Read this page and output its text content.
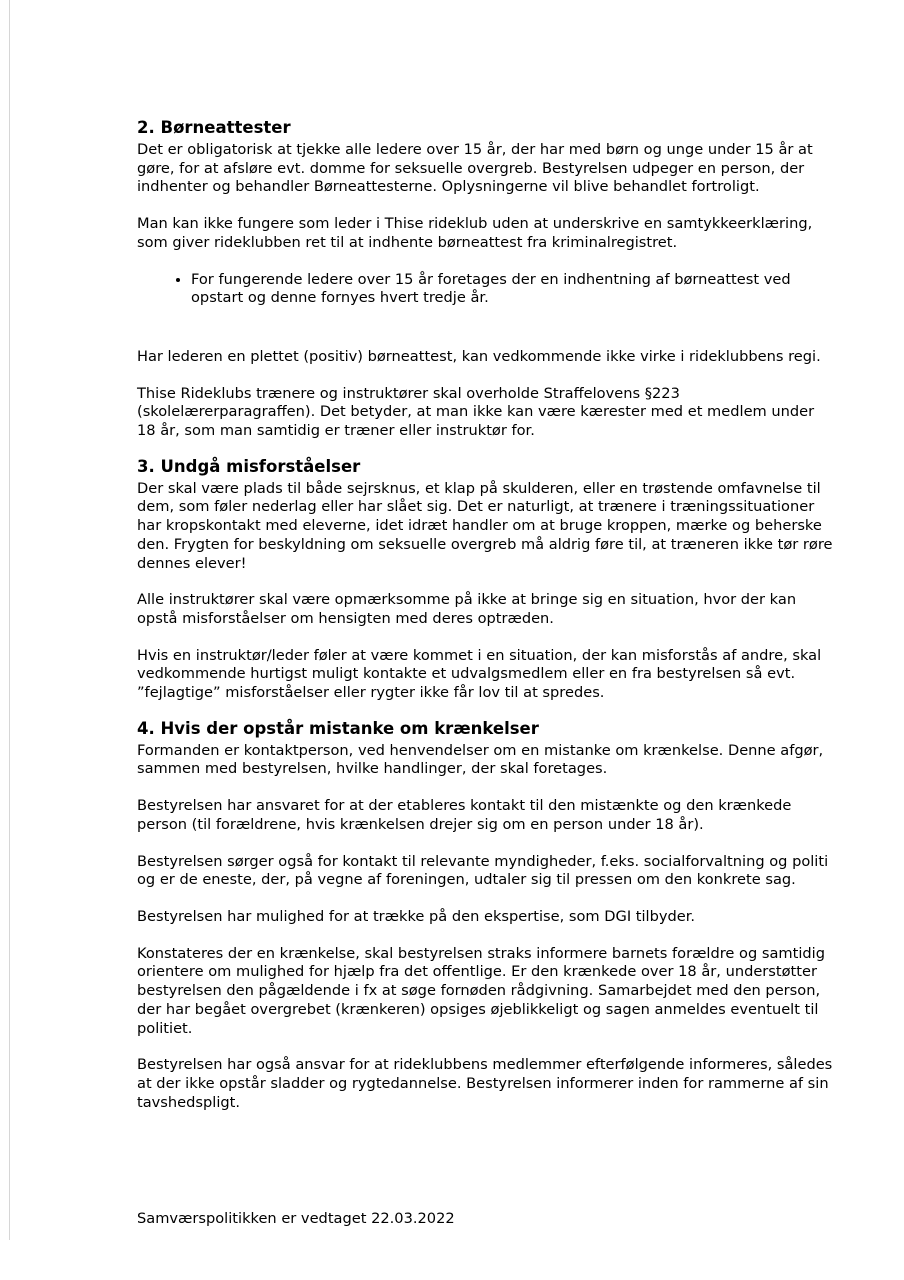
2. Børneattester

Det er obligatorisk at tjekke alle ledere over 15 år, der har med børn og unge under 15 år at gøre, for at afsløre evt. domme for seksuelle overgreb. Bestyrelsen udpeger en person, der indhenter og behandler Børneattesterne. Oplysningerne vil blive behandlet fortroligt.

Man kan ikke fungere som leder i Thise rideklub uden at underskrive en samtykkeerklæring, som giver rideklubben ret til at indhente børneattest fra kriminalregistret.

• For fungerende ledere over 15 år foretages der en indhentning af børneattest ved opstart og denne fornyes hvert tredje år.

Har lederen en plettet (positiv) børneattest, kan vedkommende ikke virke i rideklubbens regi.

Thise Rideklubs trænere og instruktører skal overholde Straffelovens §223 (skolelærerparagraffen). Det betyder, at man ikke kan være kærester med et medlem under 18 år, som man samtidig er træner eller instruktør for.

3. Undgå misforståelser

Der skal være plads til både sejrsknus, et klap på skulderen, eller en trøstende omfavnelse til dem, som føler nederlag eller har slået sig. Det er naturligt, at trænere i træningssituationer har kropskontakt med eleverne, idet idræt handler om at bruge kroppen, mærke og beherske den. Frygten for beskyldning om seksuelle overgreb må aldrig føre til, at træneren ikke tør røre dennes elever!

Alle instruktører skal være opmærksomme på ikke at bringe sig en situation, hvor der kan opstå misforståelser om hensigten med deres optræden.

Hvis en instruktør/leder føler at være kommet i en situation, der kan misforstås af andre, skal vedkommende hurtigst muligt kontakte et udvalgsmedlem eller en fra bestyrelsen så evt. ”fejlagtige” misforståelser eller rygter ikke får lov til at spredes.

4. Hvis der opstår mistanke om krænkelser

Formanden er kontaktperson, ved henvendelser om en mistanke om krænkelse. Denne afgør, sammen med bestyrelsen, hvilke handlinger, der skal foretages.

Bestyrelsen har ansvaret for at der etableres kontakt til den mistænkte og den krænkede person (til forældrene, hvis krænkelsen drejer sig om en person under 18 år).

Bestyrelsen sørger også for kontakt til relevante myndigheder, f.eks. socialforvaltning og politi og er de eneste, der, på vegne af foreningen, udtaler sig til pressen om den konkrete sag.

Bestyrelsen har mulighed for at trække på den ekspertise, som DGI tilbyder.

Konstateres der en krænkelse, skal bestyrelsen straks informere barnets forældre og samtidig orientere om mulighed for hjælp fra det offentlige. Er den krænkede over 18 år, understøtter bestyrelsen den pågældende i fx at søge fornøden rådgivning. Samarbejdet med den person, der har begået overgrebet (krænkeren) opsiges øjeblikkeligt og sagen anmeldes eventuelt til politiet.

Bestyrelsen har også ansvar for at rideklubbens medlemmer efterfølgende informeres, således at der ikke opstår sladder og rygtedannelse. Bestyrelsen informerer inden for rammerne af sin tavshedspligt.

Samværspolitikken er vedtaget 22.03.2022
